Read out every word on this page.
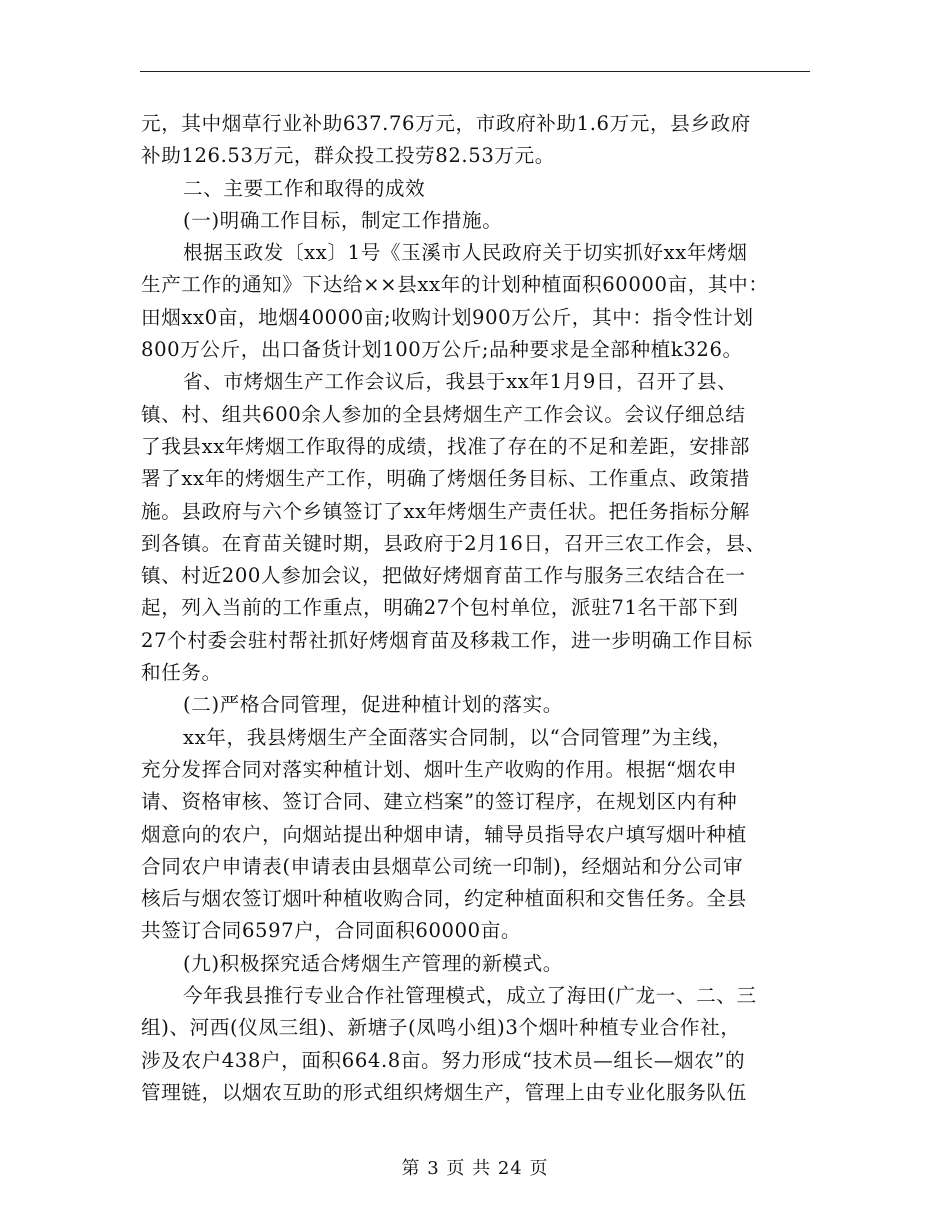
元，其中烟草行业补助637.76万元，市政府补助1.6万元，县乡政府
补助126.53万元，群众投工投劳82.53万元。
二、主要工作和取得的成效
(一)明确工作目标，制定工作措施。
根据玉政发〔xx〕1号《玉溪市人民政府关于切实抓好xx年烤烟
生产工作的通知》下达给××县xx年的计划种植面积60000亩，其中：
田烟xx0亩，地烟40000亩;收购计划900万公斤，其中：指令性计划
800万公斤，出口备货计划100万公斤;品种要求是全部种植k326。
省、市烤烟生产工作会议后，我县于xx年1月9日，召开了县、
镇、村、组共600余人参加的全县烤烟生产工作会议。会议仔细总结
了我县xx年烤烟工作取得的成绩，找准了存在的不足和差距，安排部
署了xx年的烤烟生产工作，明确了烤烟任务目标、工作重点、政策措
施。县政府与六个乡镇签订了xx年烤烟生产责任状。把任务指标分解
到各镇。在育苗关键时期，县政府于2月16日，召开三农工作会，县、
镇、村近200人参加会议，把做好烤烟育苗工作与服务三农结合在一
起，列入当前的工作重点，明确27个包村单位，派驻71名干部下到
27个村委会驻村帮社抓好烤烟育苗及移栽工作，进一步明确工作目标
和任务。
(二)严格合同管理，促进种植计划的落实。
xx年，我县烤烟生产全面落实合同制，以“合同管理”为主线，
充分发挥合同对落实种植计划、烟叶生产收购的作用。根据“烟农申
请、资格审核、签订合同、建立档案”的签订程序，在规划区内有种
烟意向的农户，向烟站提出种烟申请，辅导员指导农户填写烟叶种植
合同农户申请表(申请表由县烟草公司统一印制)，经烟站和分公司审
核后与烟农签订烟叶种植收购合同，约定种植面积和交售任务。全县
共签订合同6597户，合同面积60000亩。
(九)积极探究适合烤烟生产管理的新模式。
今年我县推行专业合作社管理模式，成立了海田(广龙一、二、三
组)、河西(仪凤三组)、新塘子(凤鸣小组)3个烟叶种植专业合作社，
涉及农户438户，面积664.8亩。努力形成“技术员—组长—烟农”的
管理链，以烟农互助的形式组织烤烟生产，管理上由专业化服务队伍
第 3 页 共 24 页
